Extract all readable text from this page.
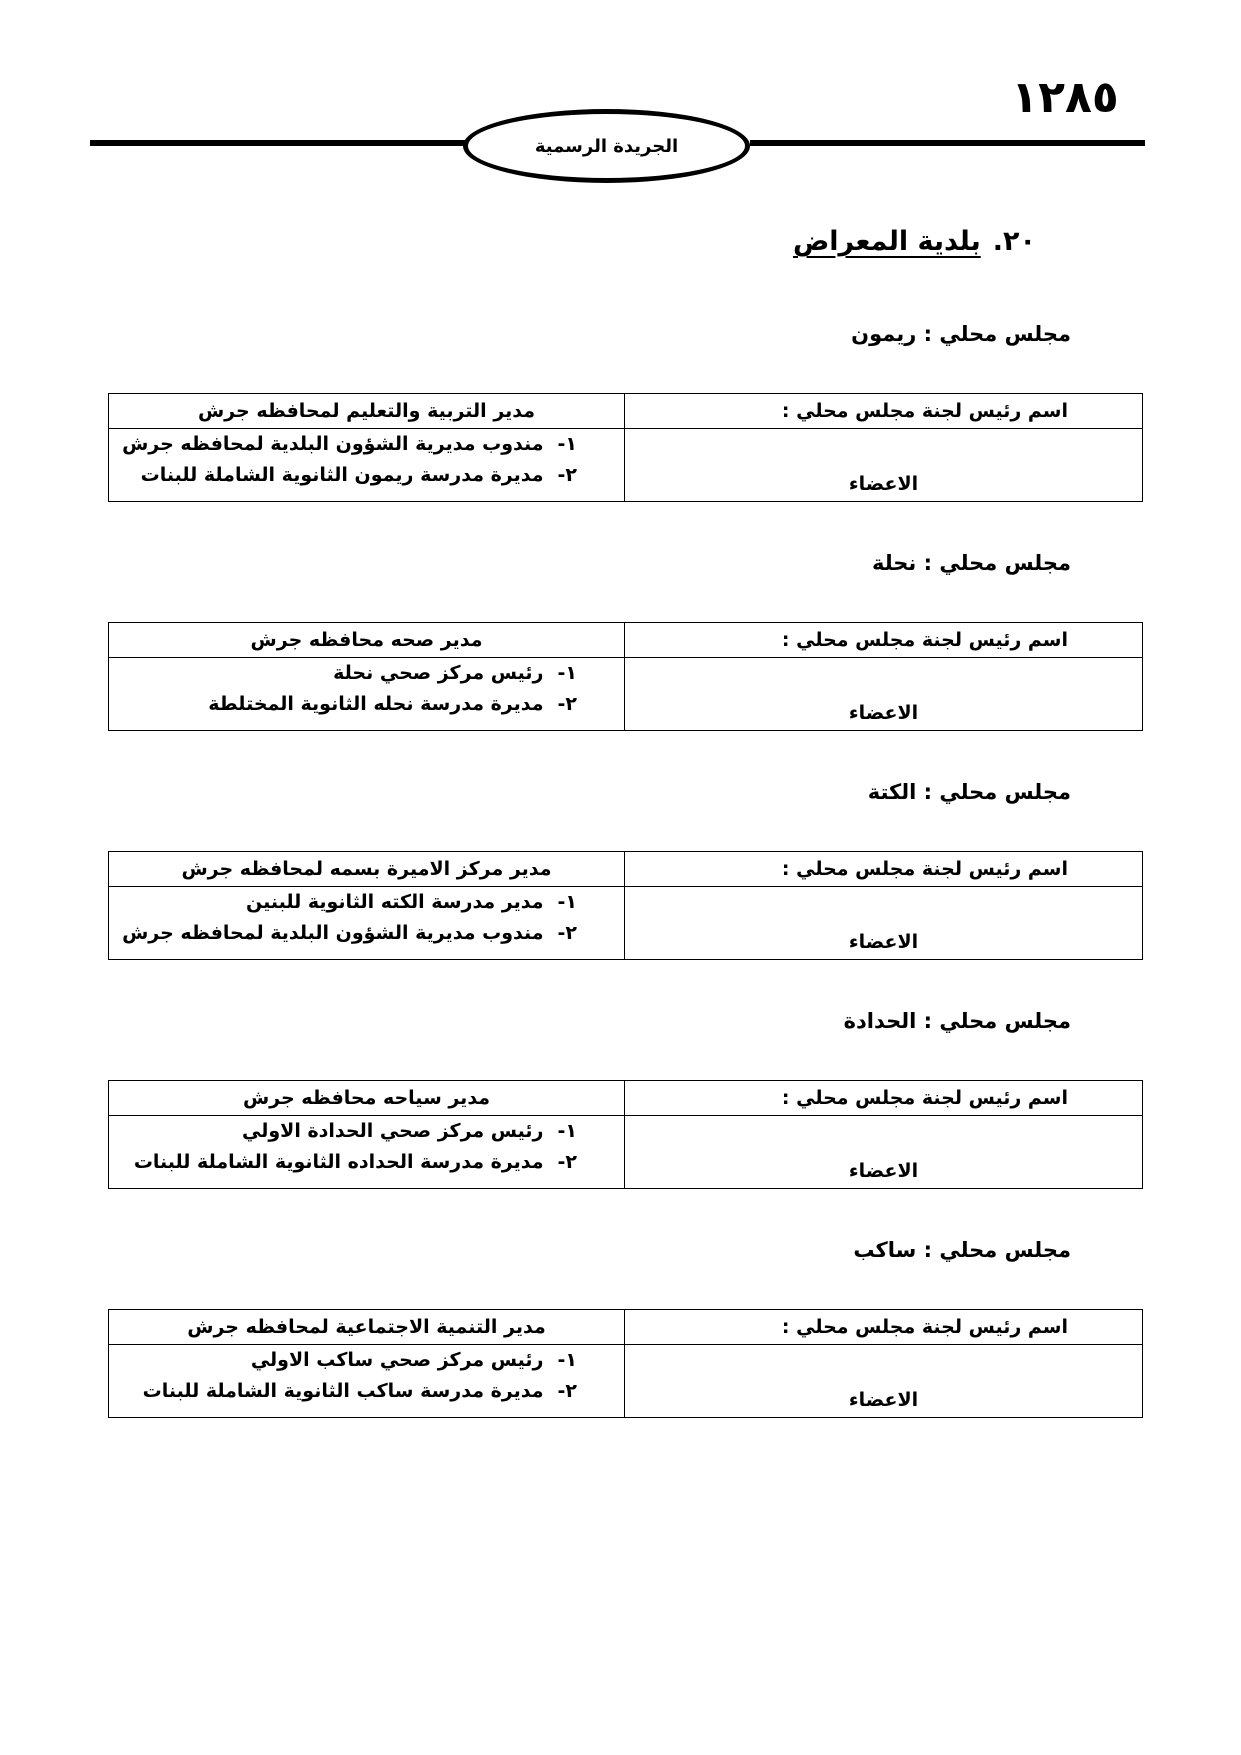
١٢٨٥
الجريدة الرسمية
٢٠.بلدية المعراض
مجلس محلي : ريمون
اسم رئيس لجنة مجلس محلي :	مدير التربية والتعليم لمحافظه جرش
الاعضاء	١-مندوب مديرية الشؤون البلدية لمحافظه جرش
٢-مديرة مدرسة ريمون الثانوية الشاملة للبنات
مجلس محلي : نحلة
اسم رئيس لجنة مجلس محلي :	مدير صحه محافظه جرش
الاعضاء	١-رئيس مركز صحي نحلة
٢-مديرة مدرسة نحله الثانوية المختلطة
مجلس محلي : الكتة
اسم رئيس لجنة مجلس محلي :	مدير مركز الاميرة بسمه لمحافظه جرش
الاعضاء	١-مدير مدرسة الكته الثانوية للبنين
٢-مندوب مديرية الشؤون البلدية لمحافظه جرش
مجلس محلي : الحدادة
اسم رئيس لجنة مجلس محلي :	مدير سياحه محافظه جرش
الاعضاء	١-رئيس مركز صحي الحدادة الاولي
٢-مديرة مدرسة الحداده الثانوية الشاملة للبنات
مجلس محلي : ساكب
اسم رئيس لجنة مجلس محلي :	مدير التنمية الاجتماعية لمحافظه جرش
الاعضاء	١-رئيس مركز صحي ساكب الاولي
٢-مديرة مدرسة ساكب الثانوية الشاملة للبنات
